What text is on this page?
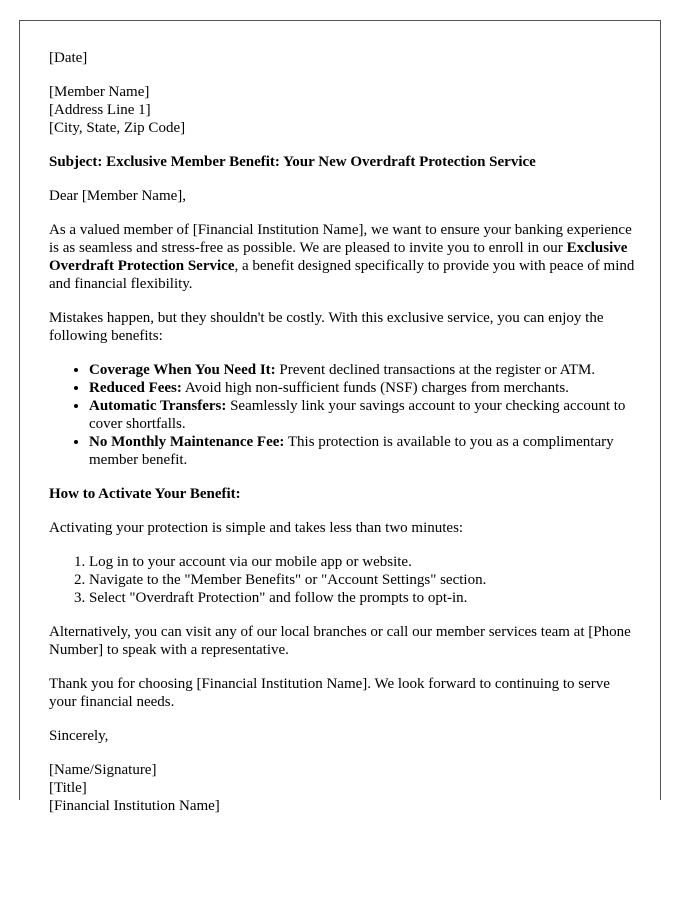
[Date]

[Member Name]
[Address Line 1]
[City, State, Zip Code]

Subject: Exclusive Member Benefit: Your New Overdraft Protection Service

Dear [Member Name],

As a valued member of [Financial Institution Name], we want to ensure your banking experience is as seamless and stress-free as possible. We are pleased to invite you to enroll in our Exclusive Overdraft Protection Service, a benefit designed specifically to provide you with peace of mind and financial flexibility.

Mistakes happen, but they shouldn't be costly. With this exclusive service, you can enjoy the following benefits:

• Coverage When You Need It: Prevent declined transactions at the register or ATM.
• Reduced Fees: Avoid high non-sufficient funds (NSF) charges from merchants.
• Automatic Transfers: Seamlessly link your savings account to your checking account to cover shortfalls.
• No Monthly Maintenance Fee: This protection is available to you as a complimentary member benefit.

How to Activate Your Benefit:

Activating your protection is simple and takes less than two minutes:

1. Log in to your account via our mobile app or website.
2. Navigate to the "Member Benefits" or "Account Settings" section.
3. Select "Overdraft Protection" and follow the prompts to opt-in.

Alternatively, you can visit any of our local branches or call our member services team at [Phone Number] to speak with a representative.

Thank you for choosing [Financial Institution Name]. We look forward to continuing to serve your financial needs.

Sincerely,

[Name/Signature]
[Title]
[Financial Institution Name]
